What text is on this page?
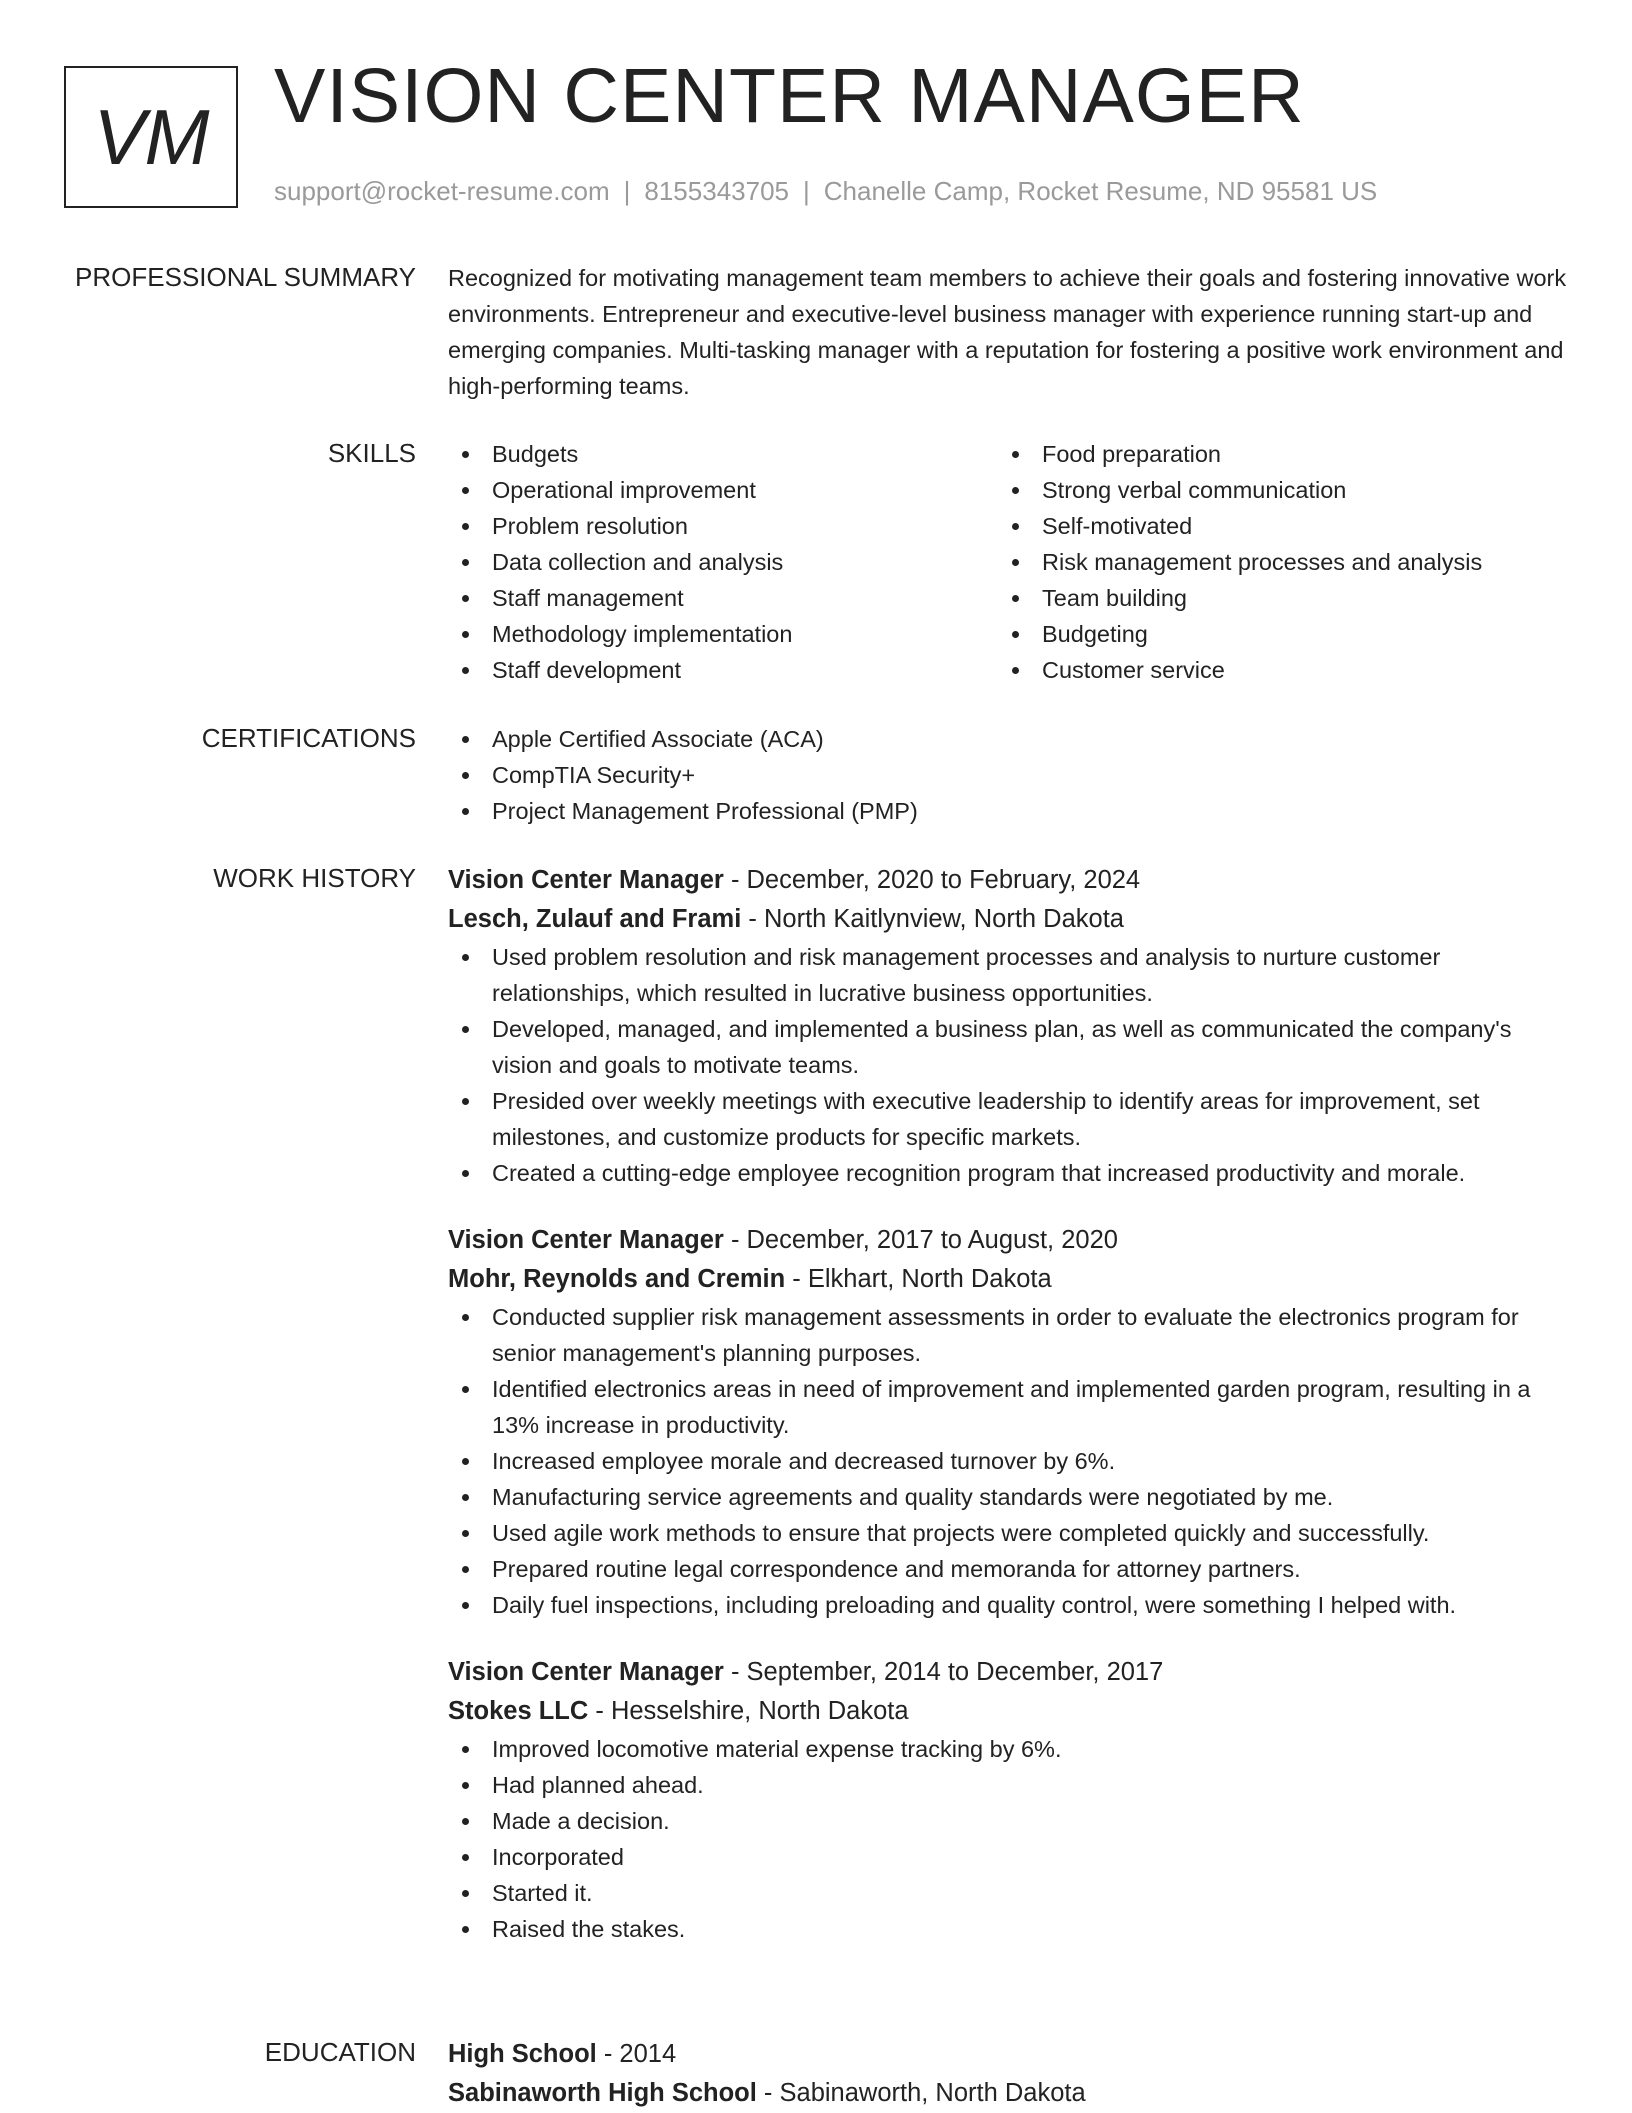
VM VISION CENTER MANAGER
support@rocket-resume.com | 8155343705 | Chanelle Camp, Rocket Resume, ND 95581 US
PROFESSIONAL SUMMARY Recognized for motivating management team members to achieve their goals and fostering innovative work environments. Entrepreneur and executive-level business manager with experience running start-up and emerging companies. Multi-tasking manager with a reputation for fostering a positive work environment and high-performing teams.
SKILLS	Budgets
Operational improvement
Problem resolution
Data collection and analysis
Staff management
Methodology implementation
Staff development
Food preparation
Strong verbal communication
Self-motivated
Risk management processes and analysis
Team building
Budgeting
Customer service
CERTIFICATIONS	Apple Certified Associate (ACA)
CompTIA Security+
Project Management Professional (PMP)
WORK HISTORY Vision Center Manager - December, 2020 to February, 2024
Lesch, Zulauf and Frami - North Kaitlynview, North Dakota
Used problem resolution and risk management processes and analysis to nurture customer relationships, which resulted in lucrative business opportunities.
Developed, managed, and implemented a business plan, as well as communicated the company's vision and goals to motivate teams.
Presided over weekly meetings with executive leadership to identify areas for improvement, set milestones, and customize products for specific markets.
Created a cutting-edge employee recognition program that increased productivity and morale.
Vision Center Manager - December, 2017 to August, 2020
Mohr, Reynolds and Cremin - Elkhart, North Dakota
Conducted supplier risk management assessments in order to evaluate the electronics program for senior management's planning purposes.
Identified electronics areas in need of improvement and implemented garden program, resulting in a 13% increase in productivity.
Increased employee morale and decreased turnover by 6%.
Manufacturing service agreements and quality standards were negotiated by me.
Used agile work methods to ensure that projects were completed quickly and successfully.
Prepared routine legal correspondence and memoranda for attorney partners.
Daily fuel inspections, including preloading and quality control, were something I helped with.
Vision Center Manager - September, 2014 to December, 2017
Stokes LLC - Hesselshire, North Dakota
Improved locomotive material expense tracking by 6%.
Had planned ahead.
Made a decision.
Incorporated
Started it.
Raised the stakes.
EDUCATION High School - 2014
Sabinaworth High School - Sabinaworth, North Dakota
